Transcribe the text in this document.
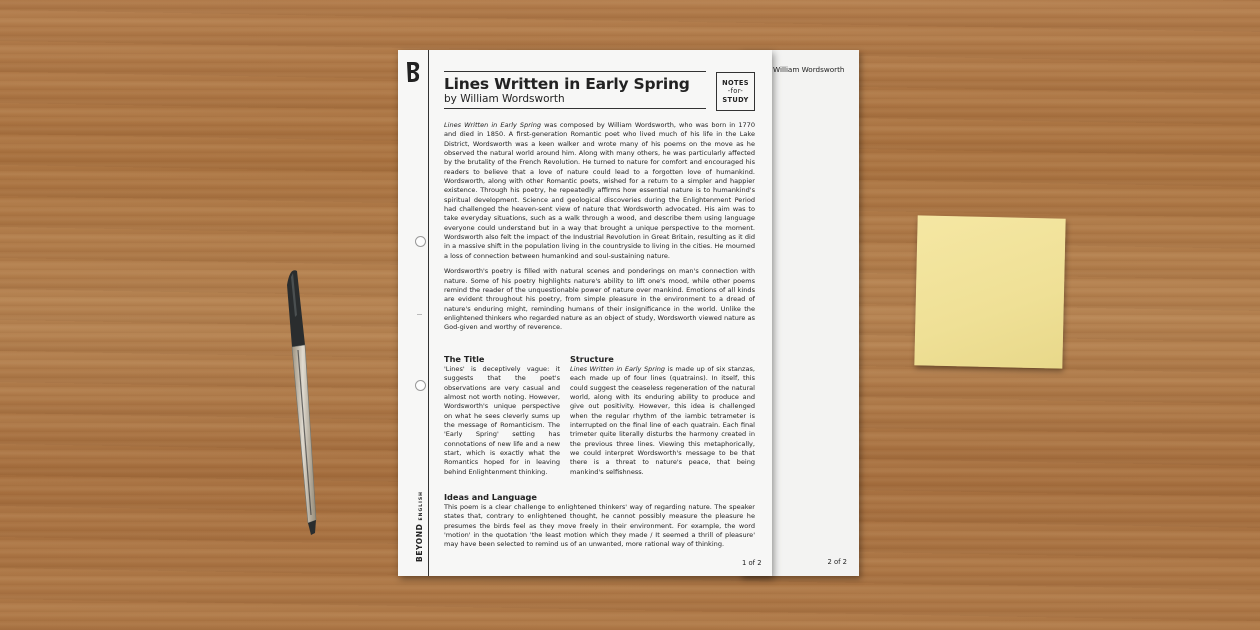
William Wordsworth
2 of 2
BEYONDENGLISH
Lines Written in Early Spring
by William Wordsworth
NOTES
-for-
STUDY

Lines Written in Early Spring was composed by William Wordsworth, who was born in 1770 and died in 1850. A first-generation Romantic poet who lived much of his life in the Lake District, Wordsworth was a keen walker and wrote many of his poems on the move as he observed the natural world around him. Along with many others, he was particularly affected by the brutality of the French Revolution. He turned to nature for comfort and encouraged his readers to believe that a love of nature could lead to a forgotten love of humankind. Wordsworth, along with other Romantic poets, wished for a return to a simpler and happier existence. Through his poetry, he repeatedly affirms how essential nature is to humankind's spiritual development. Science and geological discoveries during the Enlightenment Period had challenged the heaven-sent view of nature that Wordsworth advocated. His aim was to take everyday situations, such as a walk through a wood, and describe them using language everyone could understand but in a way that brought a unique perspective to the moment. Wordsworth also felt the impact of the Industrial Revolution in Great Britain, resulting as it did in a massive shift in the population living in the countryside to living in the cities. He mourned a loss of connection between humankind and soul-sustaining nature.

Wordsworth's poetry is filled with natural scenes and ponderings on man's connection with nature. Some of his poetry highlights nature's ability to lift one's mood, while other poems remind the reader of the unquestionable power of nature over mankind. Emotions of all kinds are evident throughout his poetry, from simple pleasure in the environment to a dread of nature's enduring might, reminding humans of their insignificance in the world. Unlike the enlightened thinkers who regarded nature as an object of study, Wordsworth viewed nature as God-given and worthy of reverence.

The Title
'Lines' is deceptively vague: it suggests that the poet's observations are very casual and almost not worth noting. However, Wordsworth's unique perspective on what he sees cleverly sums up the message of Romanticism. The 'Early Spring' setting has connotations of new life and a new start, which is exactly what the Romantics hoped for in leaving behind Enlightenment thinking.
Structure
Lines Written in Early Spring is made up of six stanzas, each made up of four lines (quatrains). In itself, this could suggest the ceaseless regeneration of the natural world, along with its enduring ability to produce and give out positivity. However, this idea is challenged when the regular rhythm of the iambic tetrameter is interrupted on the final line of each quatrain. Each final trimeter quite literally disturbs the harmony created in the previous three lines. Viewing this metaphorically, we could interpret Wordsworth's message to be that there is a threat to nature's peace, that being mankind's selfishness.
Ideas and Language
This poem is a clear challenge to enlightened thinkers' way of regarding nature. The speaker states that, contrary to enlightened thought, he cannot possibly measure the pleasure he presumes the birds feel as they move freely in their environment. For example, the word 'motion' in the quotation 'the least motion which they made / It seemed a thrill of pleasure' may have been selected to remind us of an unwanted, more rational way of thinking.
1 of 2
